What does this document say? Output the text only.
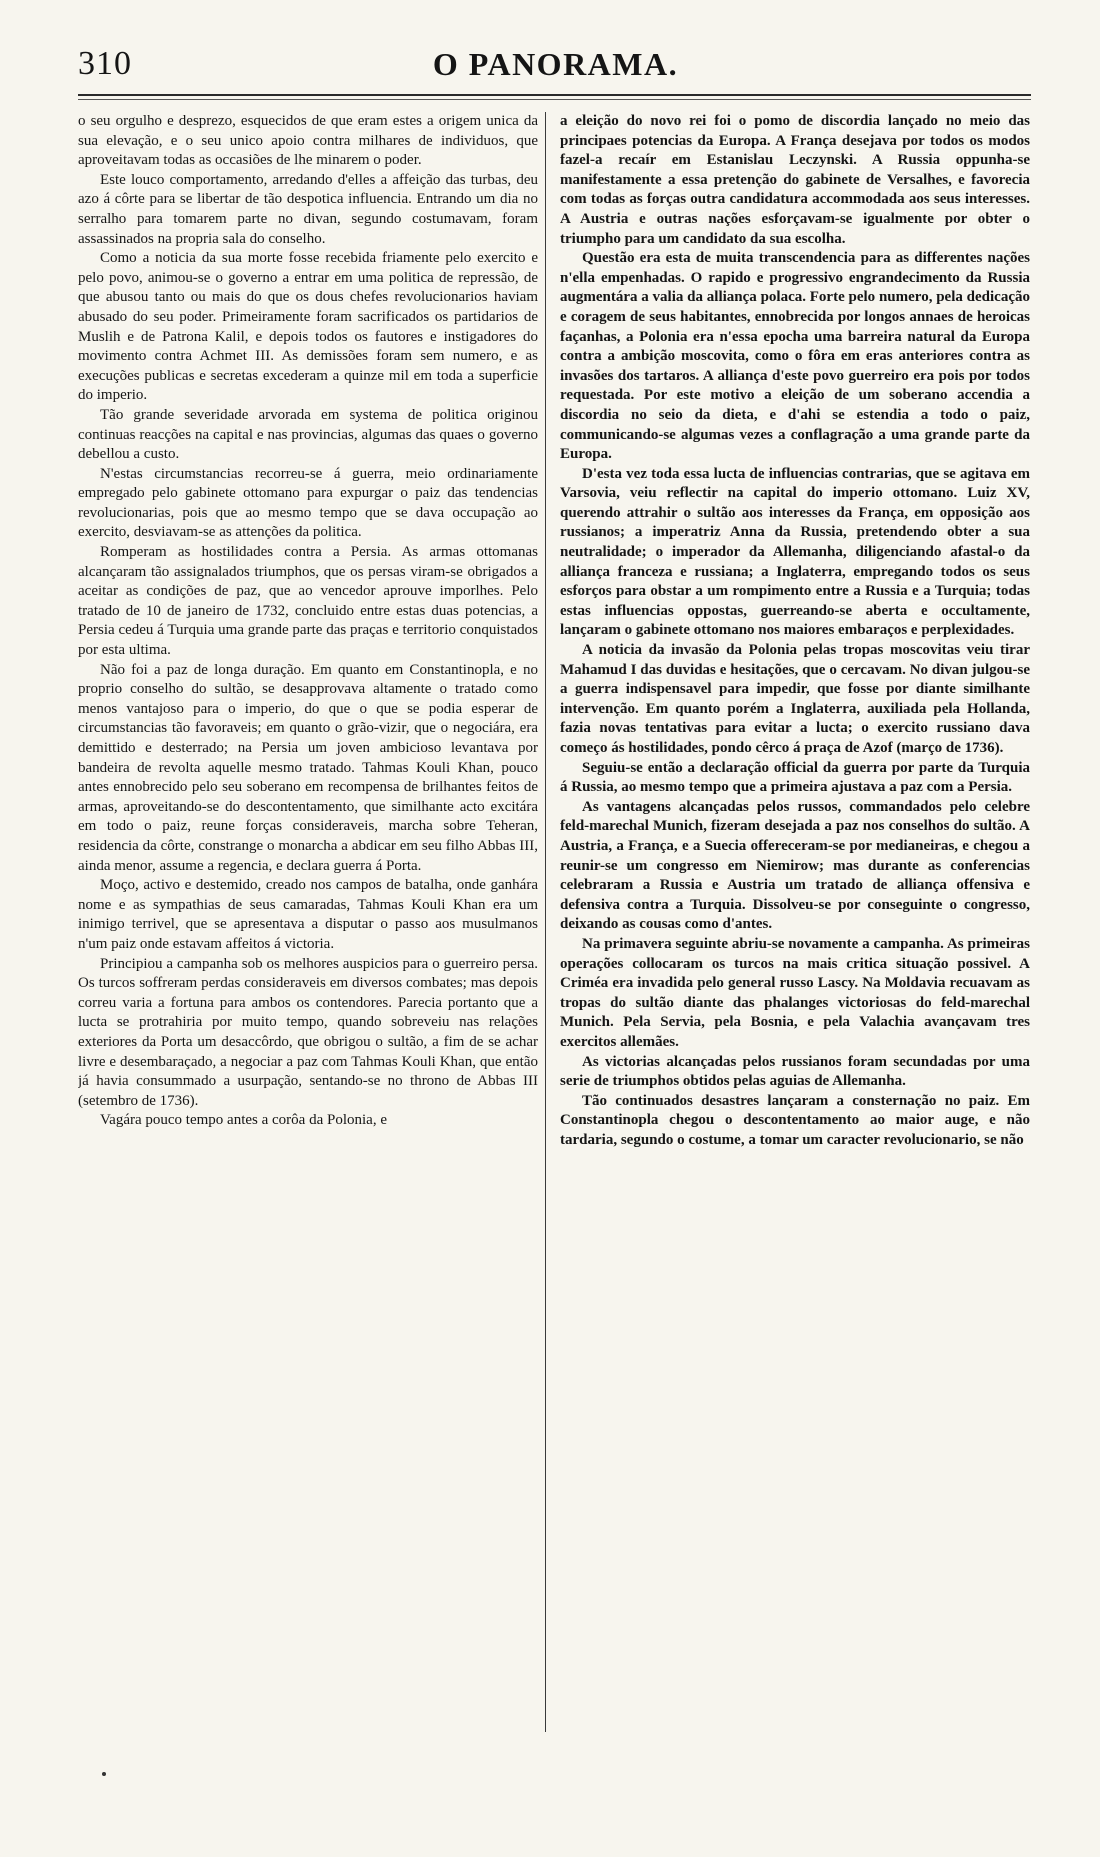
310	O PANORAMA.

o seu orgulho e desprezo, esquecidos de que eram estes a origem unica da sua elevação, e o seu unico apoio contra milhares de individuos, que aproveitavam todas as occasiões de lhe minarem o poder.

Este louco comportamento, arredando d'elles a affeição das turbas, deu azo á côrte para se libertar de tão despotica influencia. Entrando um dia no serralho para tomarem parte no divan, segundo costumavam, foram assassinados na propria sala do conselho.

Como a noticia da sua morte fosse recebida friamente pelo exercito e pelo povo, animou-se o governo a entrar em uma politica de repressão, de que abusou tanto ou mais do que os dous chefes revolucionarios haviam abusado do seu poder. Primeiramente foram sacrificados os partidarios de Muslih e de Patrona Kalil, e depois todos os fautores e instigadores do movimento contra Achmet III. As demissões foram sem numero, e as execuções publicas e secretas excederam a quinze mil em toda a superficie do imperio.

Tão grande severidade arvorada em systema de politica originou continuas reacções na capital e nas provincias, algumas das quaes o governo debellou a custo.

N'estas circumstancias recorreu-se á guerra, meio ordinariamente empregado pelo gabinete ottomano para expurgar o paiz das tendencias revolucionarias, pois que ao mesmo tempo que se dava occupação ao exercito, desviavam-se as attenções da politica.

Romperam as hostilidades contra a Persia. As armas ottomanas alcançaram tão assignalados triumphos, que os persas viram-se obrigados a aceitar as condições de paz, que ao vencedor aprouve imporlhes. Pelo tratado de 10 de janeiro de 1732, concluido entre estas duas potencias, a Persia cedeu á Turquia uma grande parte das praças e territorio conquistados por esta ultima.

Não foi a paz de longa duração. Em quanto em Constantinopla, e no proprio conselho do sultão, se desapprovava altamente o tratado como menos vantajoso para o imperio, do que o que se podia esperar de circumstancias tão favoraveis; em quanto o grão-vizir, que o negociára, era demittido e desterrado; na Persia um joven ambicioso levantava por bandeira de revolta aquelle mesmo tratado. Tahmas Kouli Khan, pouco antes ennobrecido pelo seu soberano em recompensa de brilhantes feitos de armas, aproveitando-se do descontentamento, que similhante acto excitára em todo o paiz, reune forças consideraveis, marcha sobre Teheran, residencia da côrte, constrange o monarcha a abdicar em seu filho Abbas III, ainda menor, assume a regencia, e declara guerra á Porta.

Moço, activo e destemido, creado nos campos de batalha, onde ganhára nome e as sympathias de seus camaradas, Tahmas Kouli Khan era um inimigo terrivel, que se apresentava a disputar o passo aos musulmanos n'um paiz onde estavam affeitos á victoria.

Principiou a campanha sob os melhores auspicios para o guerreiro persa. Os turcos soffreram perdas consideraveis em diversos combates; mas depois correu varia a fortuna para ambos os contendores. Parecia portanto que a lucta se protrahiria por muito tempo, quando sobreveiu nas relações exteriores da Porta um desaccôrdo, que obrigou o sultão, a fim de se achar livre e desembaraçado, a negociar a paz com Tahmas Kouli Khan, que então já havia consummado a usurpação, sentando-se no throno de Abbas III (setembro de 1736).

Vagára pouco tempo antes a corôa da Polonia, e

a eleição do novo rei foi o pomo de discordia lançado no meio das principaes potencias da Europa. A França desejava por todos os modos fazel-a recaír em Estanislau Leczynski. A Russia oppunha-se manifestamente a essa pretenção do gabinete de Versalhes, e favorecia com todas as forças outra candidatura accommodada aos seus interesses. A Austria e outras nações esforçavam-se igualmente por obter o triumpho para um candidato da sua escolha.

Questão era esta de muita transcendencia para as differentes nações n'ella empenhadas. O rapido e progressivo engrandecimento da Russia augmentára a valia da alliança polaca. Forte pelo numero, pela dedicação e coragem de seus habitantes, ennobrecida por longos annaes de heroicas façanhas, a Polonia era n'essa epocha uma barreira natural da Europa contra a ambição moscovita, como o fôra em eras anteriores contra as invasões dos tartaros. A alliança d'este povo guerreiro era pois por todos requestada. Por este motivo a eleição de um soberano accendia a discordia no seio da dieta, e d'ahi se estendia a todo o paiz, communicando-se algumas vezes a conflagração a uma grande parte da Europa.

D'esta vez toda essa lucta de influencias contrarias, que se agitava em Varsovia, veiu reflectir na capital do imperio ottomano. Luiz XV, querendo attrahir o sultão aos interesses da França, em opposição aos russianos; a imperatriz Anna da Russia, pretendendo obter a sua neutralidade; o imperador da Allemanha, diligenciando afastal-o da alliança franceza e russiana; a Inglaterra, empregando todos os seus esforços para obstar a um rompimento entre a Russia e a Turquia; todas estas influencias oppostas, guerreando-se aberta e occultamente, lançaram o gabinete ottomano nos maiores embaraços e perplexidades.

A noticia da invasão da Polonia pelas tropas moscovitas veiu tirar Mahamud I das duvidas e hesitações, que o cercavam. No divan julgou-se a guerra indispensavel para impedir, que fosse por diante similhante intervenção. Em quanto porém a Inglaterra, auxiliada pela Hollanda, fazia novas tentativas para evitar a lucta; o exercito russiano dava começo ás hostilidades, pondo cêrco á praça de Azof (março de 1736).

Seguiu-se então a declaração official da guerra por parte da Turquia á Russia, ao mesmo tempo que a primeira ajustava a paz com a Persia.

As vantagens alcançadas pelos russos, commandados pelo celebre feld-marechal Munich, fizeram desejada a paz nos conselhos do sultão. A Austria, a França, e a Suecia offereceram-se por medianeiras, e chegou a reunir-se um congresso em Niemirow; mas durante as conferencias celebraram a Russia e Austria um tratado de alliança offensiva e defensiva contra a Turquia. Dissolveu-se por conseguinte o congresso, deixando as cousas como d'antes.

Na primavera seguinte abriu-se novamente a campanha. As primeiras operações collocaram os turcos na mais critica situação possivel. A Criméa era invadida pelo general russo Lascy. Na Moldavia recuavam as tropas do sultão diante das phalanges victoriosas do feld-marechal Munich. Pela Servia, pela Bosnia, e pela Valachia avançavam tres exercitos allemães.

As victorias alcançadas pelos russianos foram secundadas por uma serie de triumphos obtidos pelas aguias de Allemanha.

Tão continuados desastres lançaram a consternação no paiz. Em Constantinopla chegou o descontentamento ao maior auge, e não tardaria, segundo o costume, a tomar um caracter revolucionario, se não
